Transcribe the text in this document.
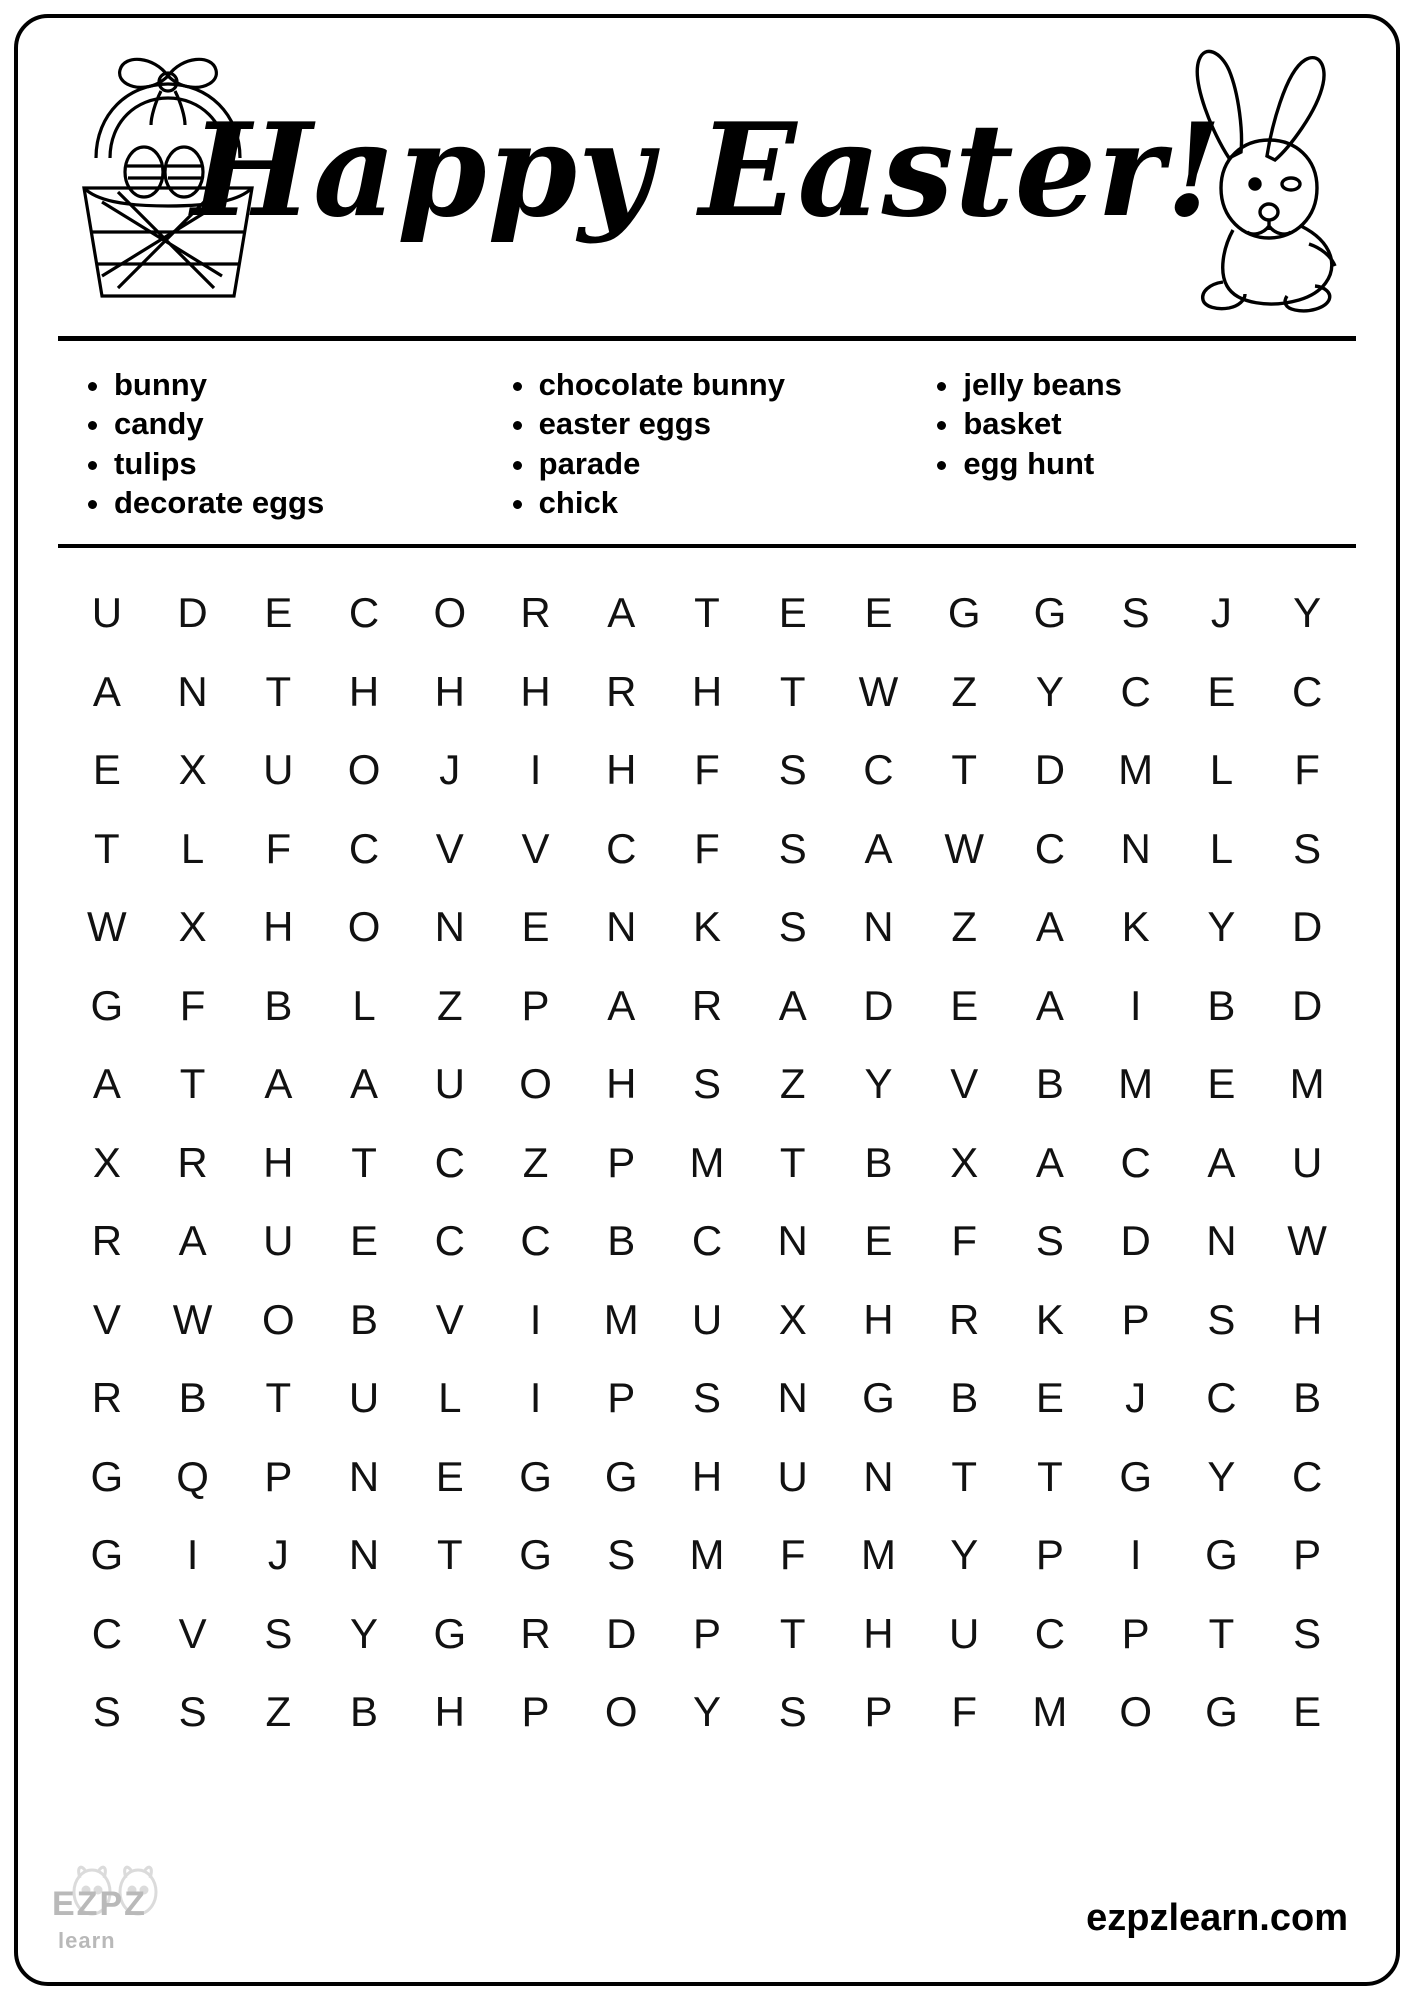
Happy Easter!
bunny
candy
tulips
decorate eggs
chocolate bunny
easter eggs
parade
chick
jelly beans
basket
egg hunt
U	D	E	C	O	R	A	T	E	E	G	G	S	J	Y
A	N	T	H	H	H	R	H	T	W	Z	Y	C	E	C
E	X	U	O	J	I	H	F	S	C	T	D	M	L	F
T	L	F	C	V	V	C	F	S	A	W	C	N	L	S
W	X	H	O	N	E	N	K	S	N	Z	A	K	Y	D
G	F	B	L	Z	P	A	R	A	D	E	A	I	B	D
A	T	A	A	U	O	H	S	Z	Y	V	B	M	E	M
X	R	H	T	C	Z	P	M	T	B	X	A	C	A	U
R	A	U	E	C	C	B	C	N	E	F	S	D	N	W
V	W	O	B	V	I	M	U	X	H	R	K	P	S	H
R	B	T	U	L	I	P	S	N	G	B	E	J	C	B
G	Q	P	N	E	G	G	H	U	N	T	T	G	Y	C
G	I	J	N	T	G	S	M	F	M	Y	P	I	G	P
C	V	S	Y	G	R	D	P	T	H	U	C	P	T	S
S	S	Z	B	H	P	O	Y	S	P	F	M	O	G	E
EZPZ
learn
ezpzlearn.com
